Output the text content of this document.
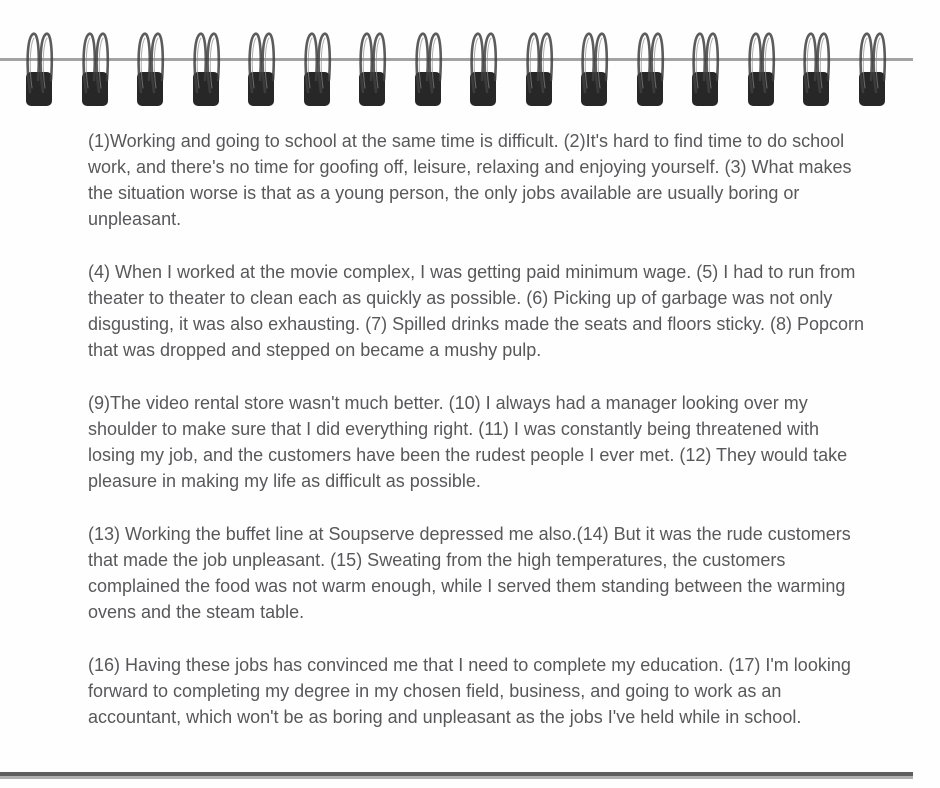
(1)Working and going to school at the same time is difficult. (2)It's hard to find time to do school work, and there's no time for goofing off, leisure, relaxing and enjoying yourself. (3) What makes the situation worse is that as a young person, the only jobs available are usually boring or unpleasant.

(4) When I worked at the movie complex, I was getting paid minimum wage. (5) I had to run from theater to theater to clean each as quickly as possible. (6) Picking up of garbage was not only disgusting, it was also exhausting. (7) Spilled drinks made the seats and floors sticky. (8) Popcorn that was dropped and stepped on became a mushy pulp.

(9)The video rental store wasn't much better. (10) I always had a manager looking over my shoulder to make sure that I did everything right. (11) I was constantly being threatened with losing my job, and the customers have been the rudest people I ever met. (12) They would take pleasure in making my life as difficult as possible.

(13) Working the buffet line at Soupserve depressed me also.(14) But it was the rude customers that made the job unpleasant. (15) Sweating from the high temperatures, the customers complained the food was not warm enough, while I served them standing between the warming ovens and the steam table.

(16) Having these jobs has convinced me that I need to complete my education. (17) I'm looking forward to completing my degree in my chosen field, business, and going to work as an accountant, which won't be as boring and unpleasant as the jobs I've held while in school.
